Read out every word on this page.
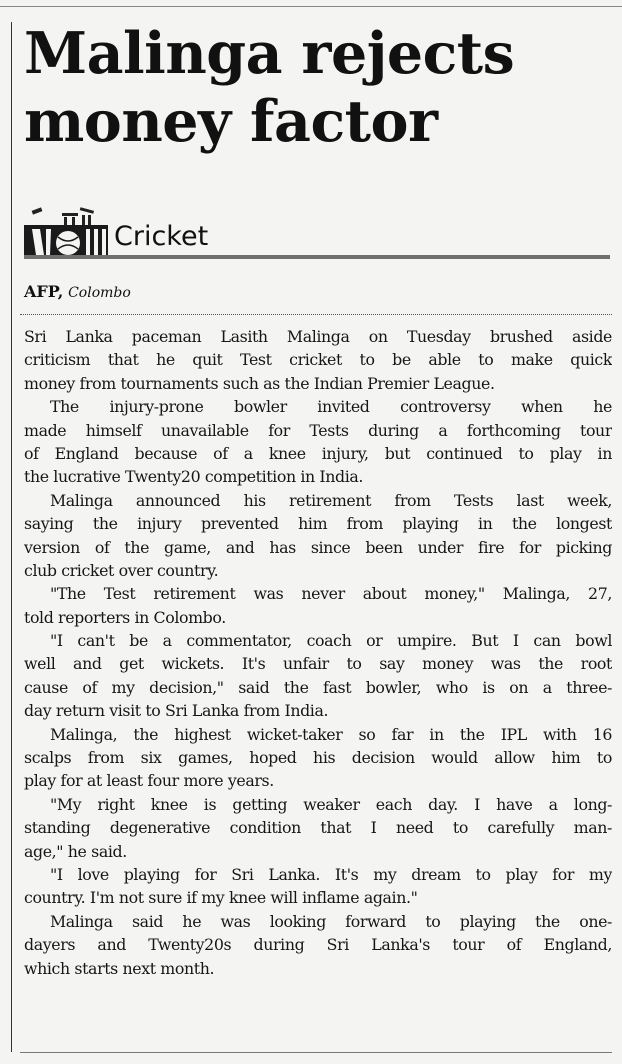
Malinga rejects
money factor
Cricket
AFP, Colombo
Sri Lanka paceman Lasith Malinga on Tuesday brushed aside
criticism that he quit Test cricket to be able to make quick
money from tournaments such as the Indian Premier League.
The injury-prone bowler invited controversy when he
made himself unavailable for Tests during a forthcoming tour
of England because of a knee injury, but continued to play in
the lucrative Twenty20 competition in India.
Malinga announced his retirement from Tests last week,
saying the injury prevented him from playing in the longest
version of the game, and has since been under fire for picking
club cricket over country.
"The Test retirement was never about money," Malinga, 27,
told reporters in Colombo.
"I can't be a commentator, coach or umpire. But I can bowl
well and get wickets. It's unfair to say money was the root
cause of my decision," said the fast bowler, who is on a three-
day return visit to Sri Lanka from India.
Malinga, the highest wicket-taker so far in the IPL with 16
scalps from six games, hoped his decision would allow him to
play for at least four more years.
"My right knee is getting weaker each day. I have a long-
standing degenerative condition that I need to carefully man-
age," he said.
"I love playing for Sri Lanka. It's my dream to play for my
country. I'm not sure if my knee will inflame again."
Malinga said he was looking forward to playing the one-
dayers and Twenty20s during Sri Lanka's tour of England,
which starts next month.
